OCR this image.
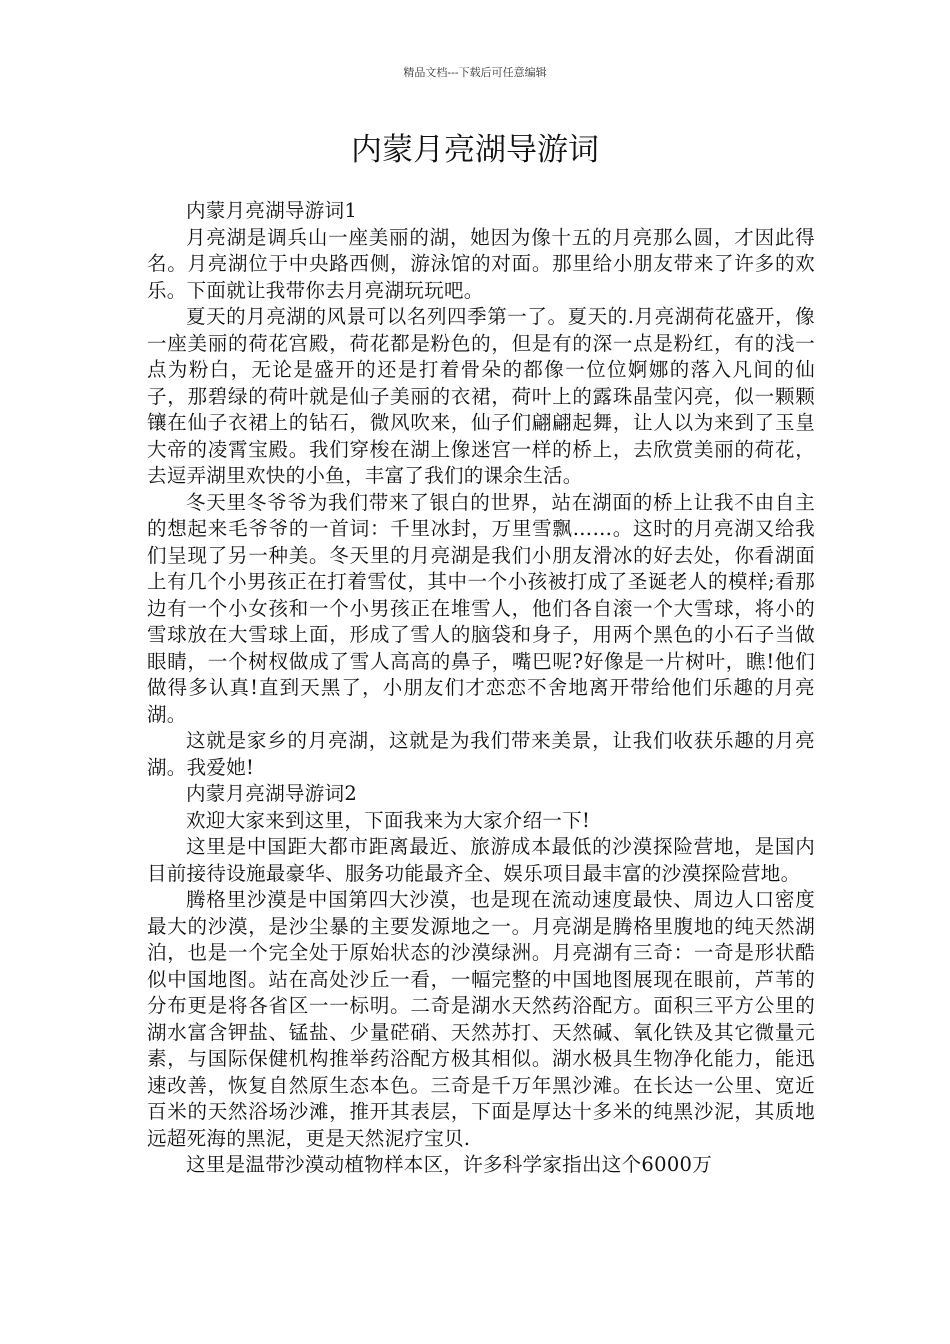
精品文档---下载后可任意编辑
内蒙月亮湖导游词

内蒙月亮湖导游词1

月亮湖是调兵山一座美丽的湖，她因为像十五的月亮那么圆，才因此得名。月亮湖位于中央路西侧，游泳馆的对面。那里给小朋友带来了许多的欢乐。下面就让我带你去月亮湖玩玩吧。

夏天的月亮湖的风景可以名列四季第一了。夏天的.月亮湖荷花盛开，像一座美丽的荷花宫殿，荷花都是粉色的，但是有的深一点是粉红，有的浅一点为粉白，无论是盛开的还是打着骨朵的都像一位位婀娜的落入凡间的仙子，那碧绿的荷叶就是仙子美丽的衣裙，荷叶上的露珠晶莹闪亮，似一颗颗镶在仙子衣裙上的钻石，微风吹来，仙子们翩翩起舞，让人以为来到了玉皇大帝的凌霄宝殿。我们穿梭在湖上像迷宫一样的桥上，去欣赏美丽的荷花，去逗弄湖里欢快的小鱼，丰富了我们的课余生活。

冬天里冬爷爷为我们带来了银白的世界，站在湖面的桥上让我不由自主的想起来毛爷爷的一首词：千里冰封，万里雪飘……。这时的月亮湖又给我们呈现了另一种美。冬天里的月亮湖是我们小朋友滑冰的好去处，你看湖面上有几个小男孩正在打着雪仗，其中一个小孩被打成了圣诞老人的模样;看那边有一个小女孩和一个小男孩正在堆雪人，他们各自滚一个大雪球，将小的雪球放在大雪球上面，形成了雪人的脑袋和身子，用两个黑色的小石子当做眼睛，一个树杈做成了雪人高高的鼻子，嘴巴呢?好像是一片树叶，瞧!他们做得多认真!直到天黑了，小朋友们才恋恋不舍地离开带给他们乐趣的月亮湖。

这就是家乡的月亮湖，这就是为我们带来美景，让我们收获乐趣的月亮湖。我爱她!

内蒙月亮湖导游词2

欢迎大家来到这里，下面我来为大家介绍一下!

这里是中国距大都市距离最近、旅游成本最低的沙漠探险营地，是国内目前接待设施最豪华、服务功能最齐全、娱乐项目最丰富的沙漠探险营地。

腾格里沙漠是中国第四大沙漠，也是现在流动速度最快、周边人口密度最大的沙漠，是沙尘暴的主要发源地之一。月亮湖是腾格里腹地的纯天然湖泊，也是一个完全处于原始状态的沙漠绿洲。月亮湖有三奇：一奇是形状酷似中国地图。站在高处沙丘一看，一幅完整的中国地图展现在眼前，芦苇的分布更是将各省区一一标明。二奇是湖水天然药浴配方。面积三平方公里的湖水富含钾盐、锰盐、少量硭硝、天然苏打、天然碱、氧化铁及其它微量元素，与国际保健机构推举药浴配方极其相似。湖水极具生物净化能力，能迅速改善，恢复自然原生态本色。三奇是千万年黑沙滩。在长达一公里、宽近百米的天然浴场沙滩，推开其表层，下面是厚达十多米的纯黑沙泥，其质地远超死海的黑泥，更是天然泥疗宝贝.

这里是温带沙漠动植物样本区，许多科学家指出这个6000万
